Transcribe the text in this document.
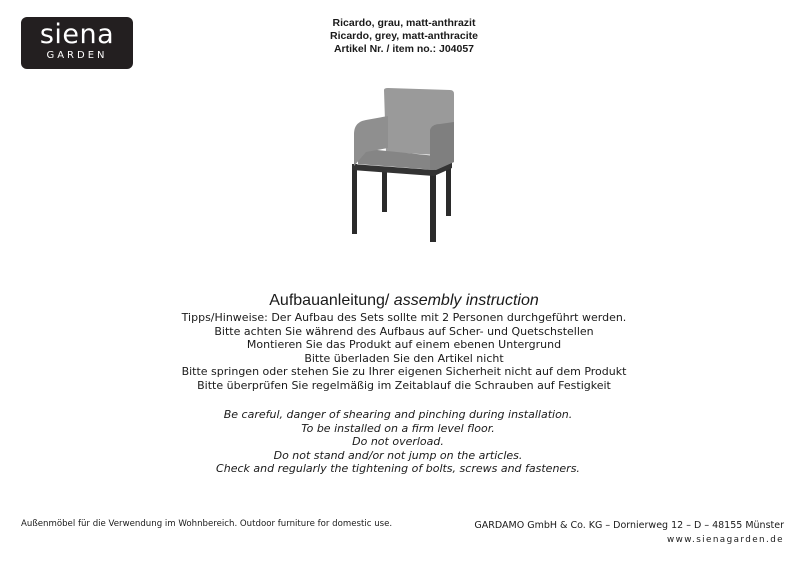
siena
GARDEN
Ricardo, grau, matt-anthrazit
Ricardo, grey, matt-anthracite
Artikel Nr. / item no.: J04057
Aufbauanleitung/ assembly instruction
Tipps/Hinweise: Der Aufbau des Sets sollte mit 2 Personen durchgeführt werden.
Bitte achten Sie während des Aufbaus auf Scher- und Quetschstellen
Montieren Sie das Produkt auf einem ebenen Untergrund
Bitte überladen Sie den Artikel nicht
Bitte springen oder stehen Sie zu Ihrer eigenen Sicherheit nicht auf dem Produkt
Bitte überprüfen Sie regelmäßig im Zeitablauf die Schrauben auf Festigkeit
Be careful, danger of shearing and pinching during installation.
To be installed on a firm level floor.
Do not overload.
Do not stand and/or not jump on the articles.
Check and regularly the tightening of bolts, screws and fasteners.
Außenmöbel für die Verwendung im Wohnbereich. Outdoor furniture for domestic use.	GARDAMO GmbH & Co. KG – Dornierweg 12 – D – 48155 Münster
www.sienagarden.de
